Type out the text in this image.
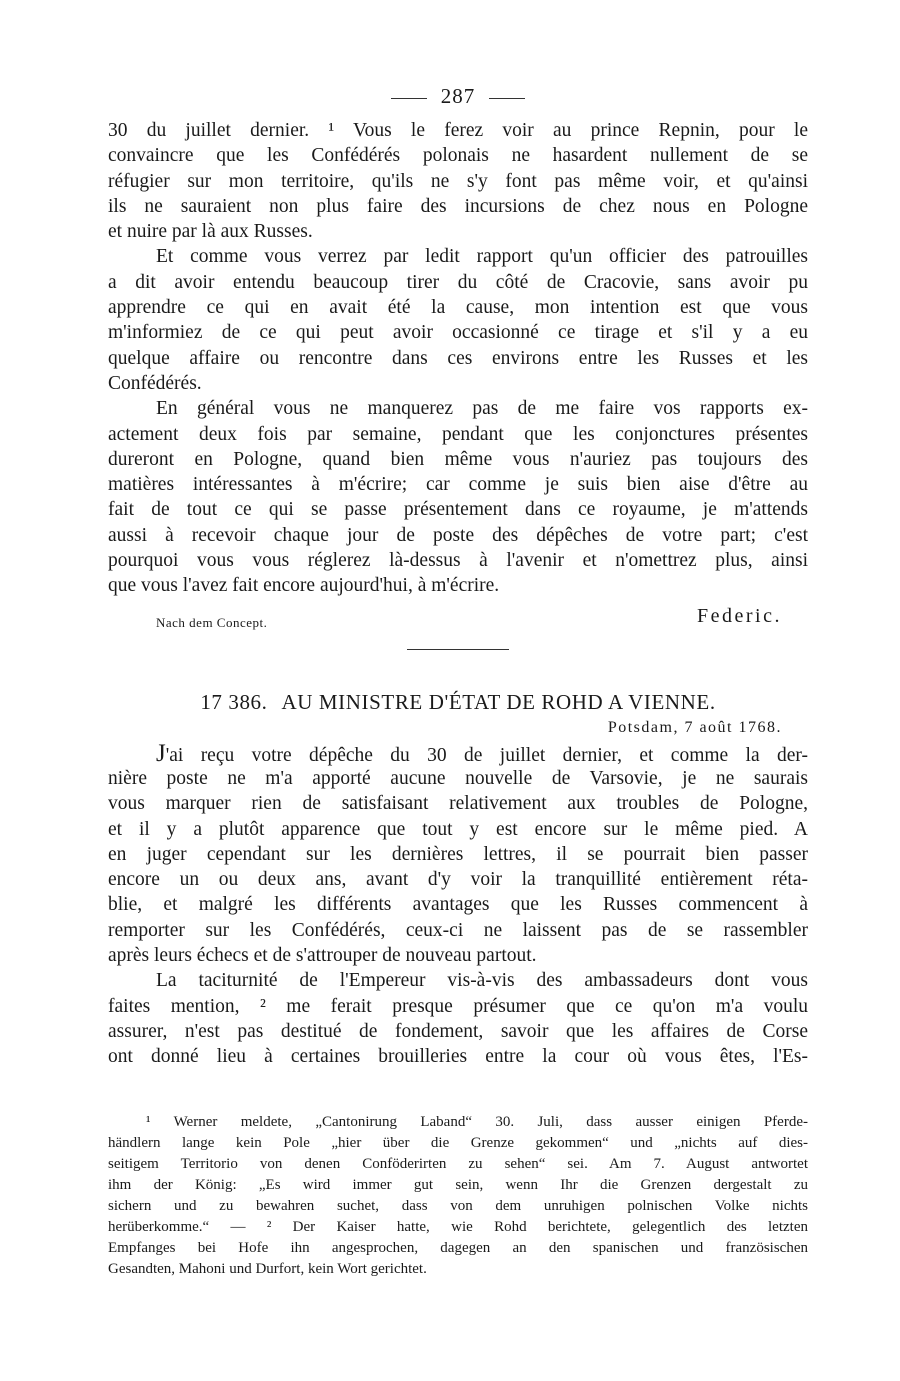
287
30 du juillet dernier. ¹ Vous le ferez voir au prince Repnin, pour le
convaincre que les Confédérés polonais ne hasardent nullement de se
réfugier sur mon territoire, qu'ils ne s'y font pas même voir, et qu'ainsi
ils ne sauraient non plus faire des incursions de chez nous en Pologne
et nuire par là aux Russes.
Et comme vous verrez par ledit rapport qu'un officier des patrouilles
a dit avoir entendu beaucoup tirer du côté de Cracovie, sans avoir pu
apprendre ce qui en avait été la cause, mon intention est que vous
m'informiez de ce qui peut avoir occasionné ce tirage et s'il y a eu
quelque affaire ou rencontre dans ces environs entre les Russes et les
Confédérés.
En général vous ne manquerez pas de me faire vos rapports ex-
actement deux fois par semaine, pendant que les conjonctures présentes
dureront en Pologne, quand bien même vous n'auriez pas toujours des
matières intéressantes à m'écrire; car comme je suis bien aise d'être au
fait de tout ce qui se passe présentement dans ce royaume, je m'attends
aussi à recevoir chaque jour de poste des dépêches de votre part; c'est
pourquoi vous vous réglerez là-dessus à l'avenir et n'omettrez plus, ainsi
que vous l'avez fait encore aujourd'hui, à m'écrire.
Nach dem Concept.	Federic.
17 386. AU MINISTRE D'ÉTAT DE ROHD A VIENNE.
Potsdam, 7 août 1768.
J'ai reçu votre dépêche du 30 de juillet dernier, et comme la der-
nière poste ne m'a apporté aucune nouvelle de Varsovie, je ne saurais
vous marquer rien de satisfaisant relativement aux troubles de Pologne,
et il y a plutôt apparence que tout y est encore sur le même pied. A
en juger cependant sur les dernières lettres, il se pourrait bien passer
encore un ou deux ans, avant d'y voir la tranquillité entièrement réta-
blie, et malgré les différents avantages que les Russes commencent à
remporter sur les Confédérés, ceux-ci ne laissent pas de se rassembler
après leurs échecs et de s'attrouper de nouveau partout.
La taciturnité de l'Empereur vis-à-vis des ambassadeurs dont vous
faites mention, ² me ferait presque présumer que ce qu'on m'a voulu
assurer, n'est pas destitué de fondement, savoir que les affaires de Corse
ont donné lieu à certaines brouilleries entre la cour où vous êtes, l'Es-
¹ Werner meldete, „Cantonirung Laband“ 30. Juli, dass ausser einigen Pferde-
händlern lange kein Pole „hier über die Grenze gekommen“ und „nichts auf dies-
seitigem Territorio von denen Conföderirten zu sehen“ sei. Am 7. August antwortet
ihm der König: „Es wird immer gut sein, wenn Ihr die Grenzen dergestalt zu
sichern und zu bewahren suchet, dass von dem unruhigen polnischen Volke nichts
herüberkomme.“ — ² Der Kaiser hatte, wie Rohd berichtete, gelegentlich des letzten
Empfanges bei Hofe ihn angesprochen, dagegen an den spanischen und französischen
Gesandten, Mahoni und Durfort, kein Wort gerichtet.
